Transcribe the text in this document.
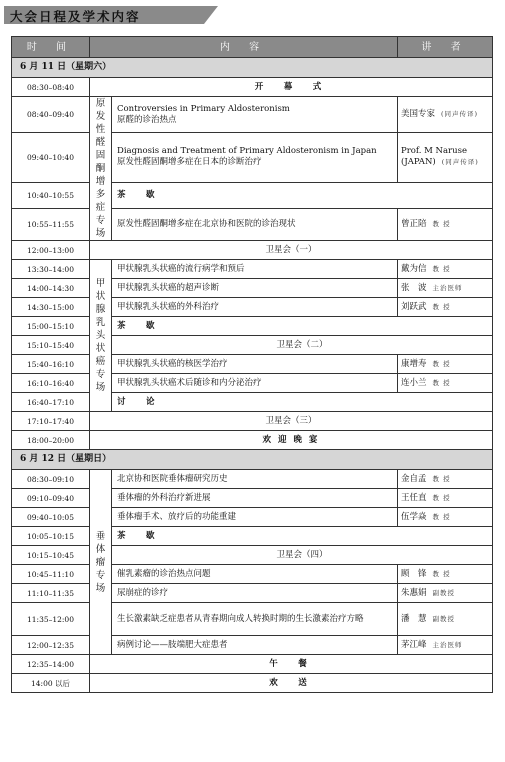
大会日程及学术内容
时 间	内 容		讲 者
6 月 11 日（星期六）			
08:30–08:40	开　幕　式		
08:40–09:40	原发性醛固酮增多症专场	Controversies in Primary Aldosteronism
原醛的诊治热点	美国专家 (同声传译)
09:40–10:40		Diagnosis and Treatment of Primary Aldosteronism in Japan
原发性醛固酮增多症在日本的诊断治疗	Prof. M Naruse (JAPAN) (同声传译)
10:40–10:55		茶　歇	
10:55–11:55		原发性醛固酮增多症在北京协和医院的诊治现状	曾正陪 教 授
12:00–13:00	卫星会（一）		
13:30–14:00	甲状腺乳头状癌专场	甲状腺乳头状癌的流行病学和预后	戴为信 教 授
14:00–14:30		甲状腺乳头状癌的超声诊断	张　波 主治医师
14:30–15:00		甲状腺乳头状癌的外科治疗	刘跃武 教 授
15:00–15:10		茶　歇	
15:10–15:40		卫星会（二）	
15:40–16:10		甲状腺乳头状癌的核医学治疗	康增寿 教 授
16:10–16:40		甲状腺乳头状癌术后随诊和内分泌治疗	连小兰 教 授
16:40–17:10		讨　论	
17:10–17:40	卫星会（三）		
18:00–20:00	欢 迎 晚 宴		
6 月 12 日（星期日）			
08:30–09:10	垂体瘤专场	北京协和医院垂体瘤研究历史	金自孟 教 授
09:10–09:40		垂体瘤的外科治疗新进展	王任直 教 授
09:40–10:05		垂体瘤手术、放疗后的功能重建	伍学焱 教 授
10:05–10:15		茶　歇	
10:15–10:45		卫星会（四）	
10:45–11:10		催乳素瘤的诊治热点问题	顾　锋 教 授
11:10–11:35		尿崩症的诊疗	朱惠娟 副教授
11:35–12:00		生长激素缺乏症患者从青春期向成人转换时期的生长激素治疗方略	潘　慧 副教授
12:00–12:35		病例讨论——肢端肥大症患者	茅江峰 主治医师
12:35–14:00	午　餐		
14:00 以后	欢　送		
